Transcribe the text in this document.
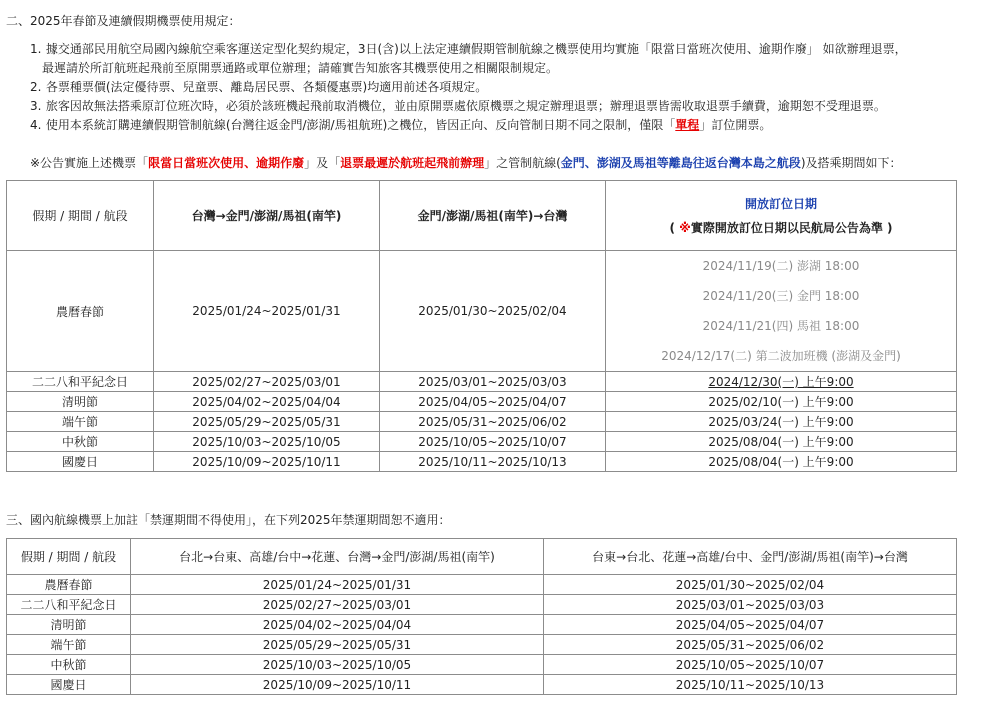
二、2025年春節及連續假期機票使用規定：
1. 據交通部民用航空局國內線航空乘客運送定型化契約規定，3日(含)以上法定連續假期管制航線之機票使用均實施「限當日當班次使用、逾期作廢」 如欲辦理退票，
最遲請於所訂航班起飛前至原開票通路或單位辦理；請確實告知旅客其機票使用之相關限制規定。
2. 各票種票價(法定優待票、兒童票、離島居民票、各類優惠票)均適用前述各項規定。
3. 旅客因故無法搭乘原訂位班次時，必須於該班機起飛前取消機位，並由原開票處依原機票之規定辦理退票；辦理退票皆需收取退票手續費，逾期恕不受理退票。
4. 使用本系統訂購連續假期管制航線(台灣往返金門/澎湖/馬祖航班)之機位，皆因正向、反向管制日期不同之限制，僅限「單程」訂位開票。
※公告實施上述機票「限當日當班次使用、逾期作廢」及「退票最遲於航班起飛前辦理」之管制航線(金門、澎湖及馬祖等離島往返台灣本島之航段)及搭乘期間如下：
假期 / 期間 / 航段	台灣→金門/澎湖/馬祖(南竿)	金門/澎湖/馬祖(南竿)→台灣	開放訂位日期
( ※實際開放訂位日期以民航局公告為準 )

農曆春節	2025/01/24~2025/01/31	2025/01/30~2025/02/04	2024/11/19(二) 澎湖 18:00
2024/11/20(三) 金門 18:00
2024/11/21(四) 馬祖 18:00
2024/12/17(二) 第二波加班機 (澎湖及金門)

二二八和平紀念日	2025/02/27~2025/03/01	2025/03/01~2025/03/03	2024/12/30(一) 上午9:00
清明節	2025/04/02~2025/04/04	2025/04/05~2025/04/07	2025/02/10(一) 上午9:00
端午節	2025/05/29~2025/05/31	2025/05/31~2025/06/02	2025/03/24(一) 上午9:00
中秋節	2025/10/03~2025/10/05	2025/10/05~2025/10/07	2025/08/04(一) 上午9:00
國慶日	2025/10/09~2025/10/11	2025/10/11~2025/10/13	2025/08/04(一) 上午9:00
三、國內航線機票上加註「禁運期間不得使用」，在下列2025年禁運期間恕不適用：
假期 / 期間 / 航段	台北→台東、高雄/台中→花蓮、台灣→金門/澎湖/馬祖(南竿)	台東→台北、花蓮→高雄/台中、金門/澎湖/馬祖(南竿)→台灣
農曆春節	2025/01/24~2025/01/31	2025/01/30~2025/02/04
二二八和平紀念日	2025/02/27~2025/03/01	2025/03/01~2025/03/03
清明節	2025/04/02~2025/04/04	2025/04/05~2025/04/07
端午節	2025/05/29~2025/05/31	2025/05/31~2025/06/02
中秋節	2025/10/03~2025/10/05	2025/10/05~2025/10/07
國慶日	2025/10/09~2025/10/11	2025/10/11~2025/10/13
